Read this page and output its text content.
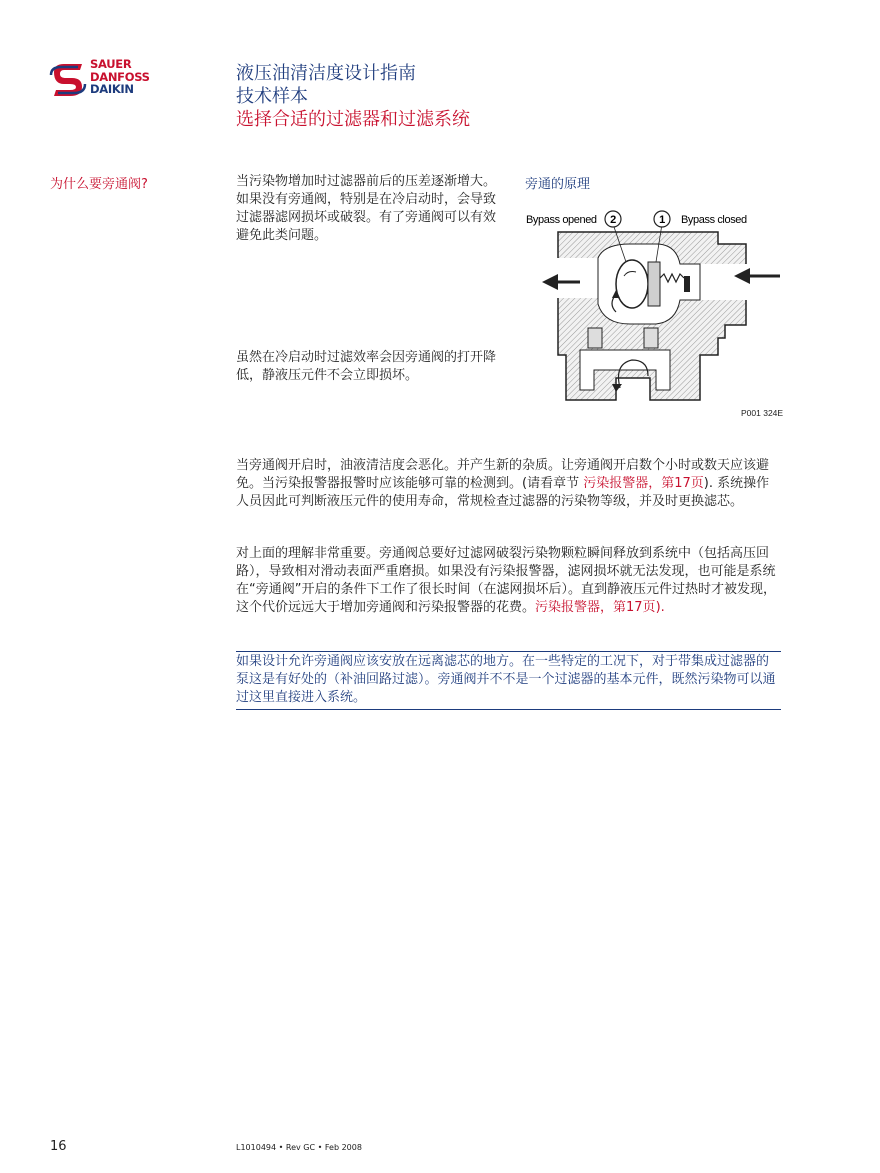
SAUER
DANFOSS
DAIKIN
液压油清洁度设计指南
技术样本
选择合适的过滤器和过滤系统
为什么要旁通阀?	当污染物增加时过滤器前后的压差逐渐增大。如果没有旁通阀，特别是在冷启动时，会导致过滤器滤网损坏或破裂。有了旁通阀可以有效避免此类问题。
虽然在冷启动时过滤效率会因旁通阀的打开降低，静液压元件不会立即损坏。
当旁通阀开启时，油液清洁度会恶化。并产生新的杂质。让旁通阀开启数个小时或数天应该避免。当污染报警器报警时应该能够可靠的检测到。(请看章节 污染报警器，第17页). 系统操作人员因此可判断液压元件的使用寿命，常规检查过滤器的污染物等级，并及时更换滤芯。
对上面的理解非常重要。旁通阀总要好过滤网破裂污染物颗粒瞬间释放到系统中（包括高压回路），导致相对滑动表面严重磨损。如果没有污染报警器，滤网损坏就无法发现，也可能是系统在“旁通阀”开启的条件下工作了很长时间（在滤网损坏后）。直到静液压元件过热时才被发现，这个代价远远大于增加旁通阀和污染报警器的花费。污染报警器，第17页).
如果设计允许旁通阀应该安放在远离滤芯的地方。在一些特定的工况下，对于带集成过滤器的泵这是有好处的（补油回路过滤）。旁通阀并不不是一个过滤器的基本元件，既然污染物可以通过这里直接进入系统。
旁通的原理
2	1
Bypass opened	Bypass closed
P001 324E
16	L1010494 • Rev GC • Feb 2008
